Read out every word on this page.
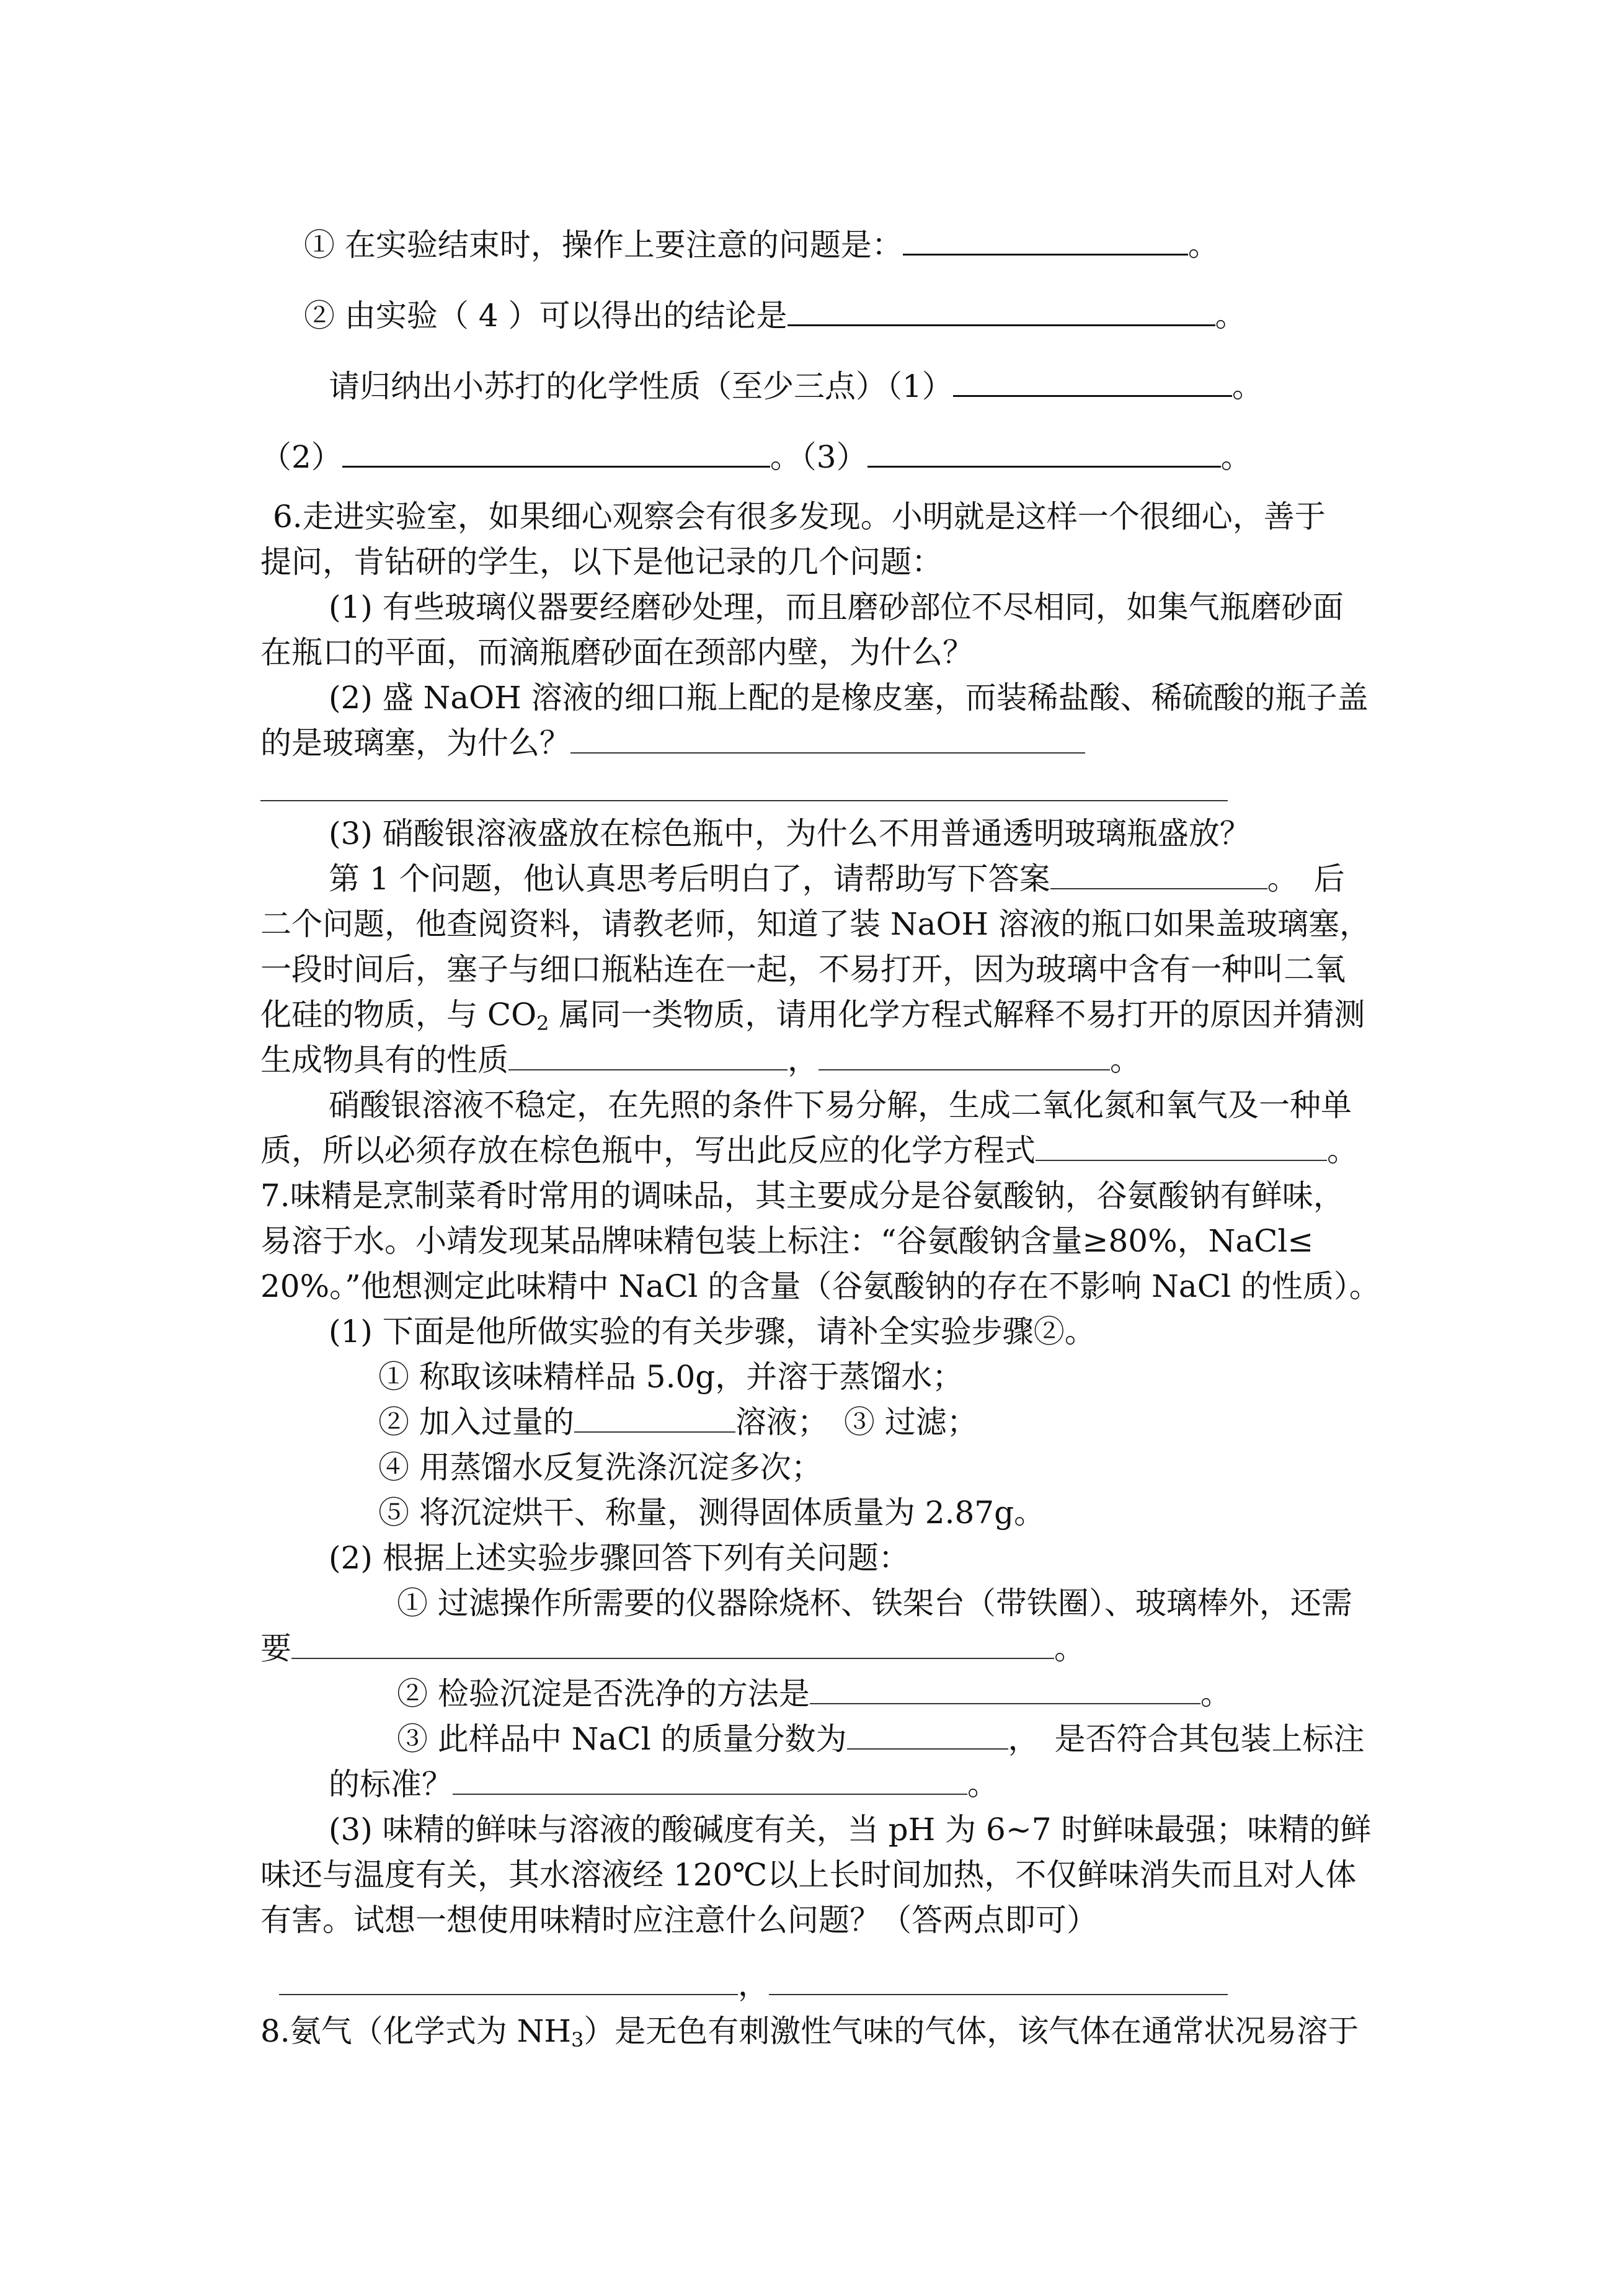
① 在实验结束时，操作上要注意的问题是：	。
② 由实验（ 4 ）可以得出的结论是	。
请归纳出小苏打的化学性质（至少三点）（1）	。
（2）	。（3）	。
6.走进实验室，如果细心观察会有很多发现。小明就是这样一个很细心，善于
提问，肯钻研的学生，以下是他记录的几个问题：
(1) 有些玻璃仪器要经磨砂处理，而且磨砂部位不尽相同，如集气瓶磨砂面
在瓶口的平面，而滴瓶磨砂面在颈部内壁，为什么？
(2) 盛 NaOH 溶液的细口瓶上配的是橡皮塞，而装稀盐酸、稀硫酸的瓶子盖
的是玻璃塞，为什么？
(3) 硝酸银溶液盛放在棕色瓶中，为什么不用普通透明玻璃瓶盛放？
第 1 个问题，他认真思考后明白了，请帮助写下答案	。　后
二个问题，他查阅资料，请教老师，知道了装 NaOH 溶液的瓶口如果盖玻璃塞，
一段时间后，塞子与细口瓶粘连在一起，不易打开，因为玻璃中含有一种叫二氧
化硅的物质，与 $CO_2$ 属同一类物质，请用化学方程式解释不易打开的原因并猜测
生成物具有的性质	，	。
硝酸银溶液不稳定，在先照的条件下易分解，生成二氧化氮和氧气及一种单
质，所以必须存放在棕色瓶中，写出此反应的化学方程式	。
7.味精是烹制菜肴时常用的调味品，其主要成分是谷氨酸钠，谷氨酸钠有鲜味，
易溶于水。小靖发现某品牌味精包装上标注：“谷氨酸钠含量≥80%，NaCl≤
20%。”他想测定此味精中 NaCl 的含量（谷氨酸钠的存在不影响 NaCl 的性质）。
(1) 下面是他所做实验的有关步骤，请补全实验步骤②。
① 称取该味精样品 5.0g，并溶于蒸馏水；
② 加入过量的	溶液；　③ 过滤；
④ 用蒸馏水反复洗涤沉淀多次；
⑤ 将沉淀烘干、称量，测得固体质量为 2.87g。
(2) 根据上述实验步骤回答下列有关问题：
① 过滤操作所需要的仪器除烧杯、铁架台（带铁圈）、玻璃棒外，还需
要	。
② 检验沉淀是否洗净的方法是	。
③ 此样品中 NaCl 的质量分数为	，　是否符合其包装上标注
的标准？	。
(3) 味精的鲜味与溶液的酸碱度有关，当 pH 为 6~7 时鲜味最强；味精的鲜
味还与温度有关，其水溶液经 120℃以上长时间加热，不仅鲜味消失而且对人体
有害。试想一想使用味精时应注意什么问题？（答两点即可）
，
8.氨气（化学式为 $NH_3$）是无色有刺激性气味的气体，该气体在通常状况易溶于
